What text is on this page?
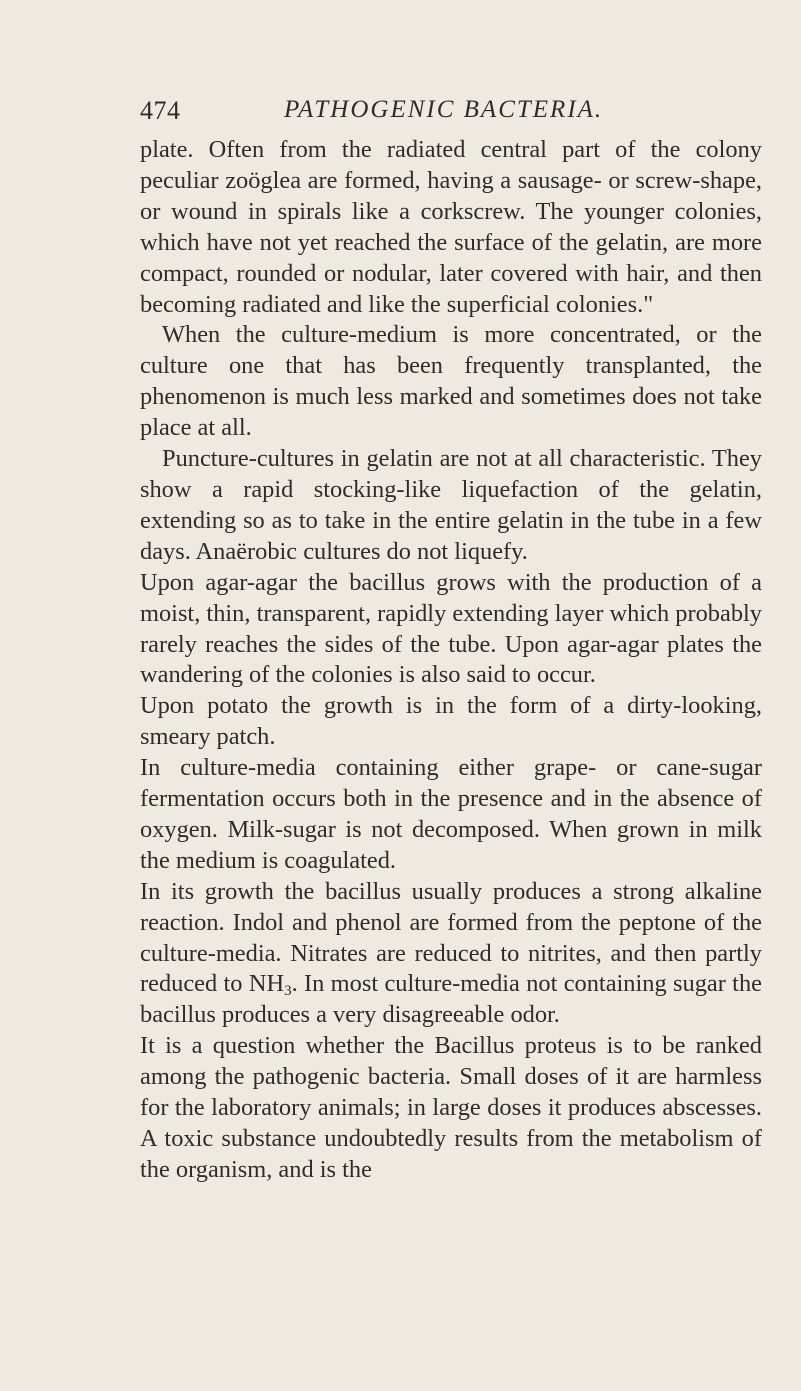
474	PATHOGENIC BACTERIA.

plate. Often from the radiated central part of the colony peculiar zoöglea are formed, having a sausage- or screw-shape, or wound in spirals like a corkscrew. The younger colonies, which have not yet reached the surface of the gelatin, are more compact, rounded or nodular, later covered with hair, and then becoming radiated and like the superficial colonies."

When the culture-medium is more concentrated, or the culture one that has been frequently transplanted, the phenomenon is much less marked and sometimes does not take place at all.

Puncture-cultures in gelatin are not at all characteristic. They show a rapid stocking-like liquefaction of the gelatin, extending so as to take in the entire gelatin in the tube in a few days. Anaërobic cultures do not liquefy.

Upon agar-agar the bacillus grows with the production of a moist, thin, transparent, rapidly extending layer which probably rarely reaches the sides of the tube. Upon agar-agar plates the wandering of the colonies is also said to occur.

Upon potato the growth is in the form of a dirty-looking, smeary patch.

In culture-media containing either grape- or cane-sugar fermentation occurs both in the presence and in the absence of oxygen. Milk-sugar is not decomposed. When grown in milk the medium is coagulated.

In its growth the bacillus usually produces a strong alkaline reaction. Indol and phenol are formed from the peptone of the culture-media. Nitrates are reduced to nitrites, and then partly reduced to $NH_3$. In most culture-media not containing sugar the bacillus produces a very disagreeable odor.

It is a question whether the Bacillus proteus is to be ranked among the pathogenic bacteria. Small doses of it are harmless for the laboratory animals; in large doses it produces abscesses. A toxic substance undoubtedly results from the metabolism of the organism, and is the
